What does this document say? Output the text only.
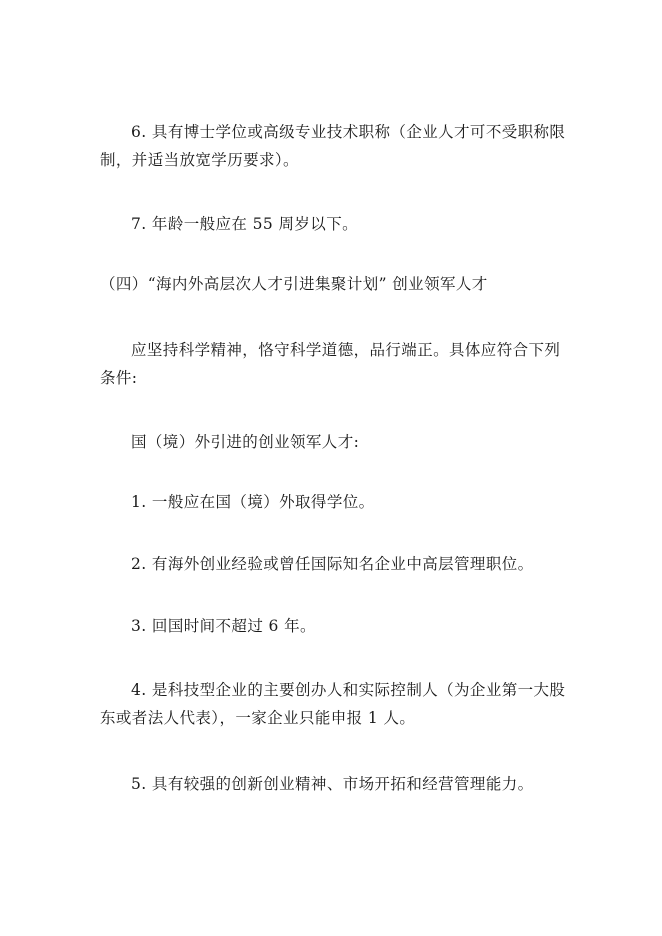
6. 具有博士学位或高级专业技术职称（企业人才可不受职称限制，并适当放宽学历要求）。

7. 年龄一般应在 55 周岁以下。

（四）“海内外高层次人才引进集聚计划” 创业领军人才

应坚持科学精神，恪守科学道德，品行端正。具体应符合下列条件:

国（境）外引进的创业领军人才:

1. 一般应在国（境）外取得学位。

2. 有海外创业经验或曾任国际知名企业中高层管理职位。

3. 回国时间不超过 6 年。

4. 是科技型企业的主要创办人和实际控制人（为企业第一大股东或者法人代表），一家企业只能申报 1 人。

5. 具有较强的创新创业精神、市场开拓和经营管理能力。
